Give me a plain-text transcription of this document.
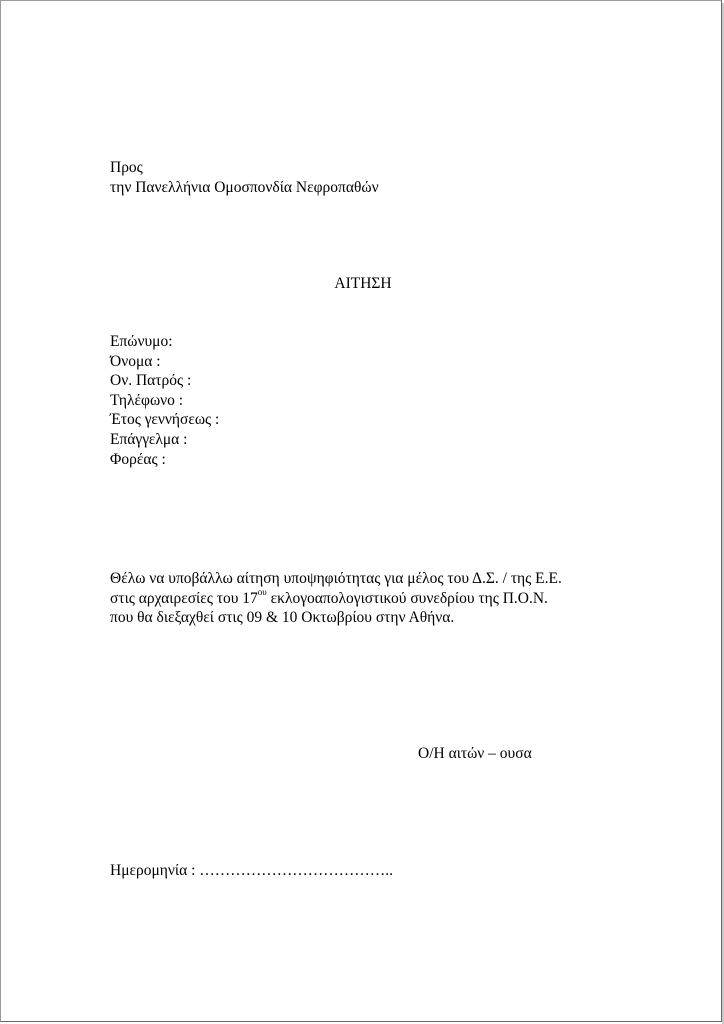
Προς
την Πανελλήνια Ομοσπονδία Νεφροπαθών
ΑΙΤΗΣΗ
Επώνυμο:
Όνομα :
Ον. Πατρός :
Τηλέφωνο :
Έτος γεννήσεως :
Επάγγελμα :
Φορέας :
Θέλω να υποβάλλω αίτηση υποψηφιότητας για μέλος του Δ.Σ. / της Ε.Ε.
στις αρχαιρεσίες του $17^{o\upsilon}$ εκλογοαπολογιστικού συνεδρίου της Π.Ο.Ν.
που θα διεξαχθεί στις 09 & 10 Οκτωβρίου στην Αθήνα.
Ο/Η αιτών – ουσα
Ημερομηνία : ………………………………..
